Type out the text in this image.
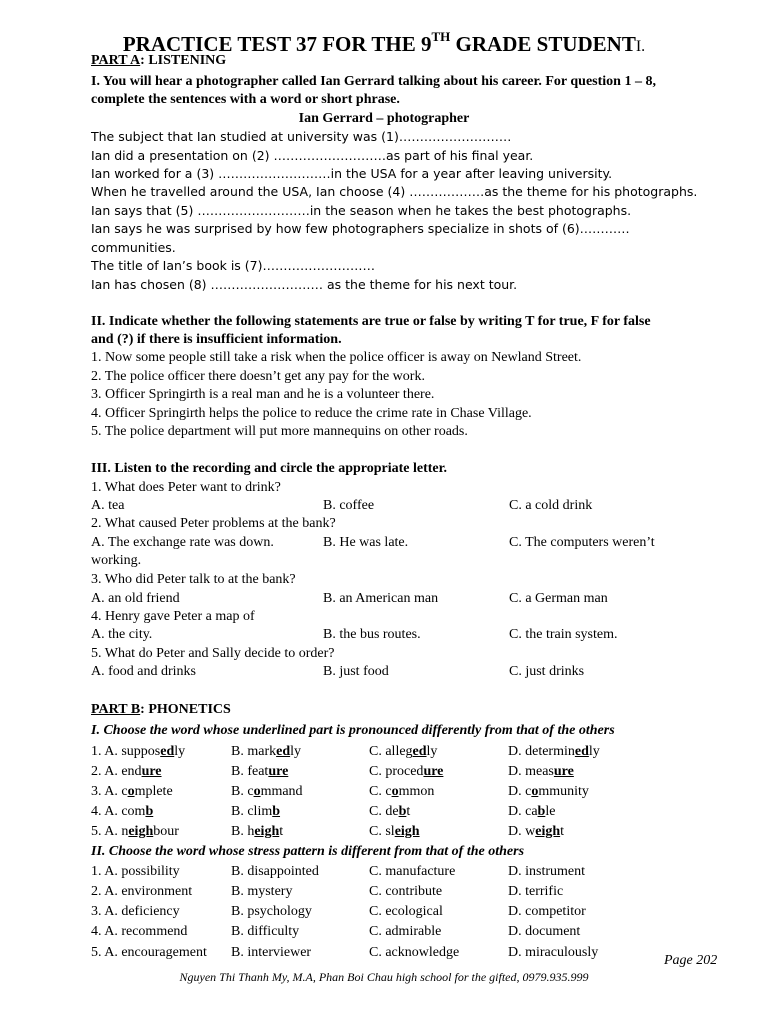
PRACTICE TEST 37 FOR THE 9TH GRADE STUDENTI.
PART A: LISTENING
I. You will hear a photographer called Ian Gerrard talking about his career. For question 1 – 8,
complete the sentences with a word or short phrase.
Ian Gerrard – photographer
The subject that Ian studied at university was (1)………………………
Ian did a presentation on (2) ………………………as part of his final year.
Ian worked for a (3) ………………………in the USA for a year after leaving university.
When he travelled around the USA, Ian choose (4) ………………as the theme for his photographs.
Ian says that (5) ………………………in the season when he takes the best photographs.
Ian says he was surprised by how few photographers specialize in shots of (6)…………
communities.
The title of Ian’s book is (7)………………………
Ian has chosen (8) ……………………… as the theme for his next tour.
II. Indicate whether the following statements are true or false by writing T for true, F for false
and (?) if there is insufficient information.
1. Now some people still take a risk when the police officer is away on Newland Street.
2. The police officer there doesn’t get any pay for the work.
3. Officer Springirth is a real man and he is a volunteer there.
4. Officer Springirth helps the police to reduce the crime rate in Chase Village.
5. The police department will put more mannequins on other roads.
III. Listen to the recording and circle the appropriate letter.
1. What does Peter want to drink?
A. tea	B. coffee	C. a cold drink
2. What caused Peter problems at the bank?
A. The exchange rate was down.	B. He was late.	C. The computers weren’t
working.
3. Who did Peter talk to at the bank?
A. an old friend	B. an American man	C. a German man
4. Henry gave Peter a map of
A. the city.	B. the bus routes.	C. the train system.
5. What do Peter and Sally decide to order?
A. food and drinks	B. just food	C. just drinks
PART B: PHONETICS
I. Choose the word whose underlined part is pronounced differently from that of the others
1. A. supposedly	B. markedly	C. allegedly	D. determinedly
2. A. endure	B. feature	C. procedure	D. measure
3. A. complete	B. command	C. common	D. community
4. A. comb	B. climb	C. debt	D. cable
5. A. neighbour	B. height	C. sleigh	D. weight
II. Choose the word whose stress pattern is different from that of the others
1. A. possibility	B. disappointed	C. manufacture	D. instrument
2. A. environment	B. mystery	C. contribute	D. terrific
3. A. deficiency	B. psychology	C. ecological	D. competitor
4. A. recommend	B. difficulty	C. admirable	D. document
5. A. encouragement B. interviewer	C. acknowledge	D. miraculously
Page 202
Nguyen Thi Thanh My, M.A, Phan Boi Chau high school for the gifted, 0979.935.999
